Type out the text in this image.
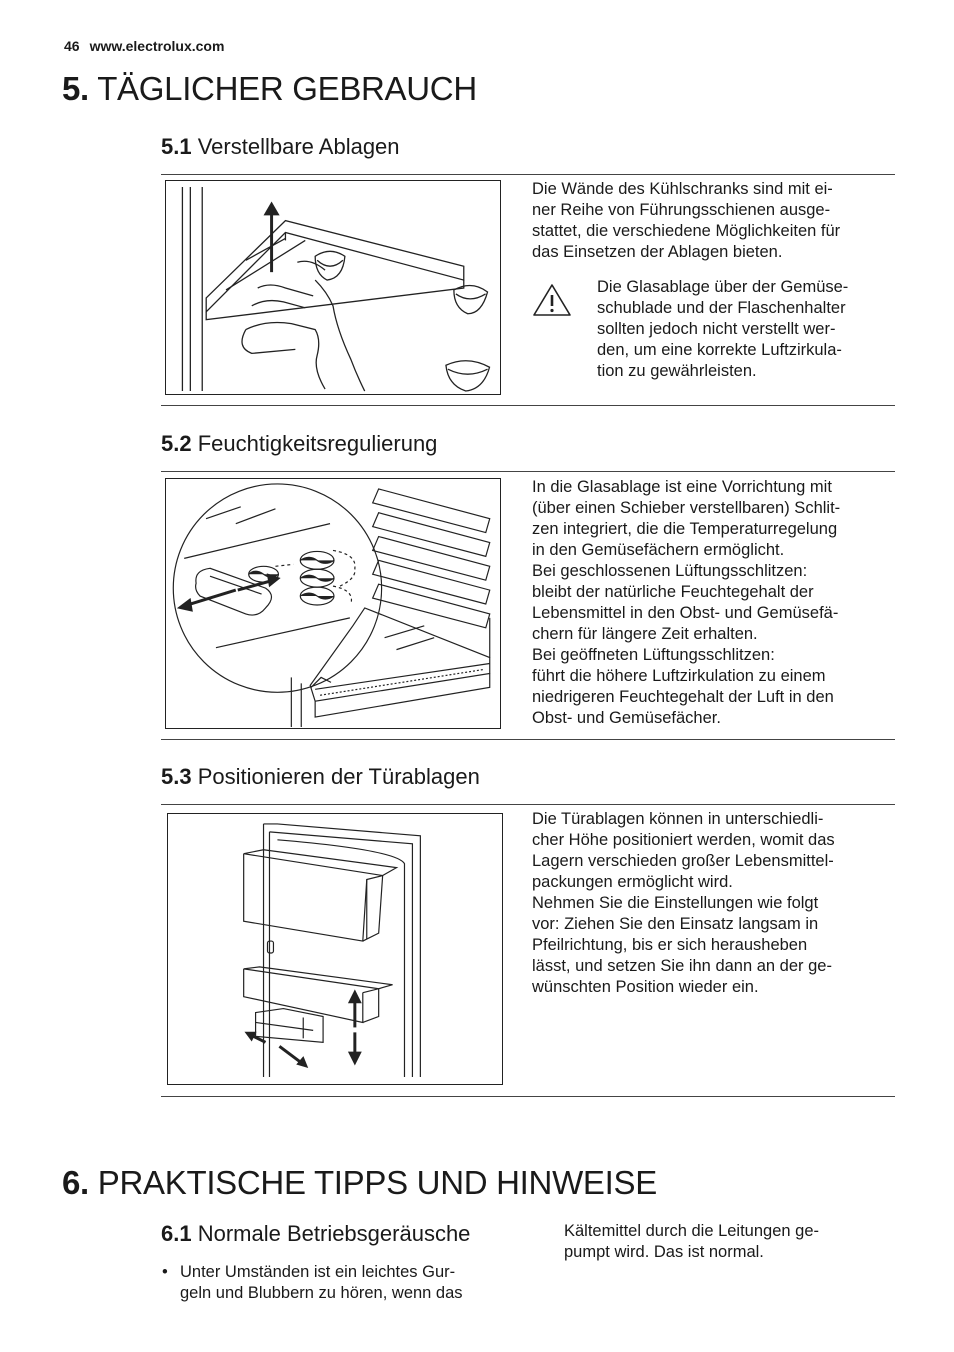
46 www.electrolux.com
5. TÄGLICHER GEBRAUCH
5.1 Verstellbare Ablagen

Die Wände des Kühlschranks sind mit ei-

ner Reihe von Führungsschienen ausge-

stattet, die verschiedene Möglichkeiten für

das Einsetzen der Ablagen bieten.

Die Glasablage über der Gemüse-

schublade und der Flaschenhalter

sollten jedoch nicht verstellt wer-

den, um eine korrekte Luftzirkula-

tion zu gewährleisten.

5.2 Feuchtigkeitsregulierung

In die Glasablage ist eine Vorrichtung mit

(über einen Schieber verstellbaren) Schlit-

zen integriert, die die Temperaturregelung

in den Gemüsefächern ermöglicht.

Bei geschlossenen Lüftungsschlitzen:

bleibt der natürliche Feuchtegehalt der

Lebensmittel in den Obst- und Gemüsefä-

chern für längere Zeit erhalten.

Bei geöffneten Lüftungsschlitzen:

führt die höhere Luftzirkulation zu einem

niedrigeren Feuchtegehalt der Luft in den

Obst- und Gemüsefächer.

5.3 Positionieren der Türablagen

Die Türablagen können in unterschiedli-

cher Höhe positioniert werden, womit das

Lagern verschieden großer Lebensmittel-

packungen ermöglicht wird.

Nehmen Sie die Einstellungen wie folgt

vor: Ziehen Sie den Einsatz langsam in

Pfeilrichtung, bis er sich herausheben

lässt, und setzen Sie ihn dann an der ge-

wünschten Position wieder ein.

6. PRAKTISCHE TIPPS UND HINWEISE
6.1 Normale Betriebsgeräusche
• Unter Umständen ist ein leichtes Gur-
geln und Blubbern zu hören, wenn das

Kältemittel durch die Leitungen ge-

pumpt wird. Das ist normal.
